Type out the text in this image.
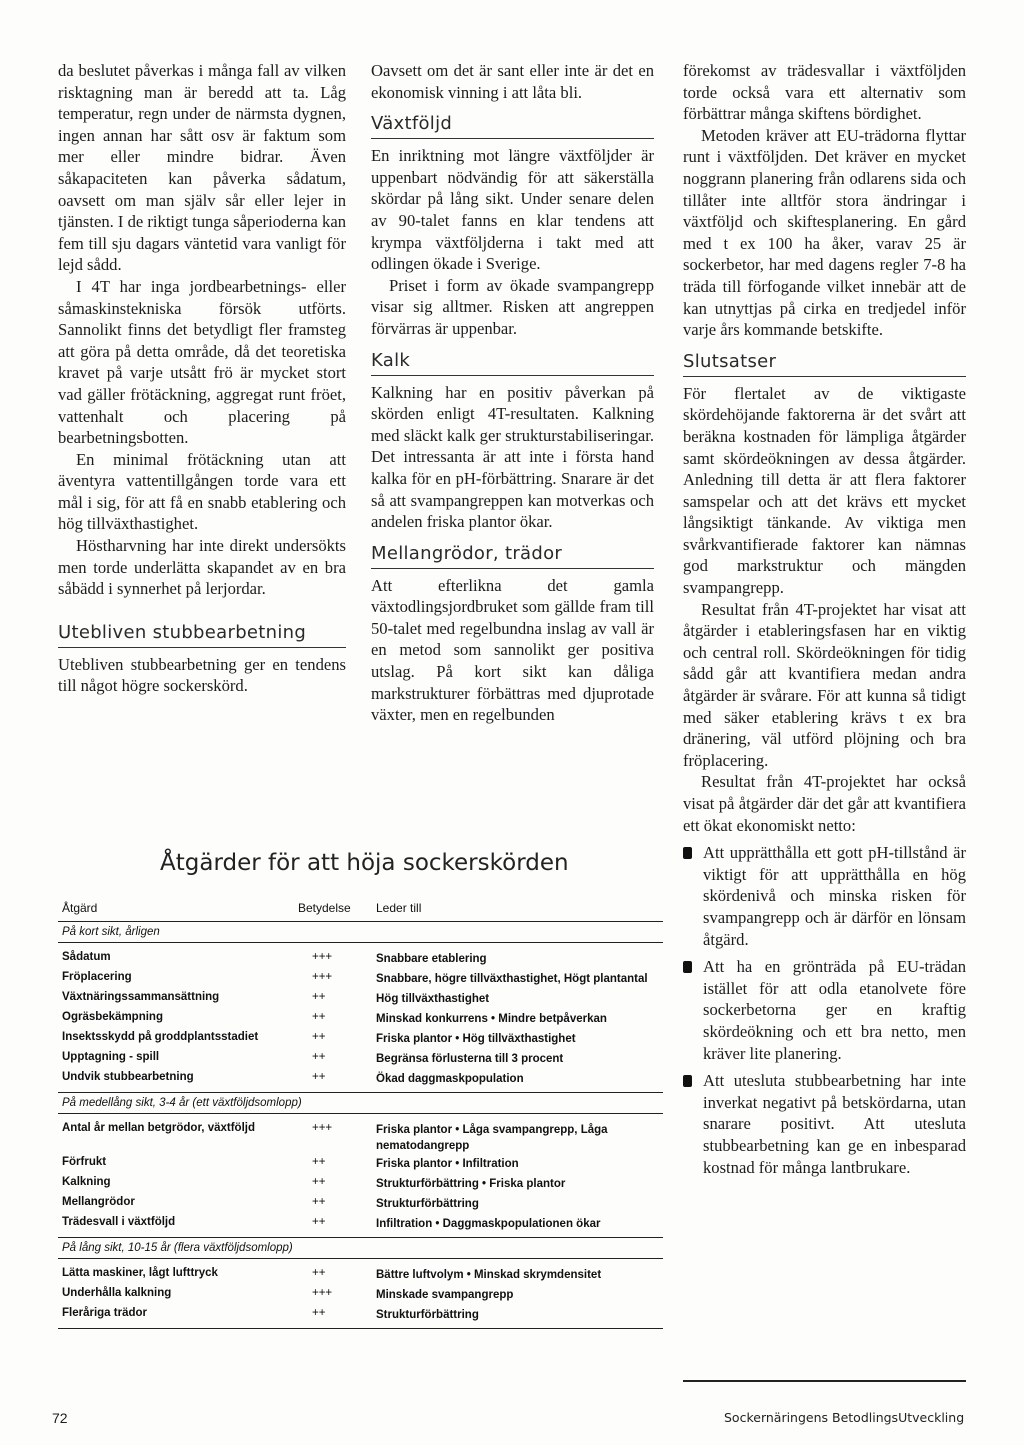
da beslutet påverkas i många fall av vilken risktagning man är beredd att ta. Låg temperatur, regn under de närmsta dygnen, ingen annan har sått osv är faktum som mer eller mindre bidrar. Även såkapaciteten kan påverka sådatum, oavsett om man själv sår eller lejer in tjänsten. I de riktigt tunga såperioderna kan fem till sju dagars väntetid vara vanligt för lejd sådd.

I 4T har inga jordbearbetnings- eller såmaskinstekniska försök utförts. Sannolikt finns det betydligt fler framsteg att göra på detta område, då det teoretiska kravet på varje utsått frö är mycket stort vad gäller frötäckning, aggregat runt fröet, vattenhalt och placering på bearbetningsbotten.

En minimal frötäckning utan att äventyra vattentillgången torde vara ett mål i sig, för att få en snabb etablering och hög tillväxthastighet.

Höstharvning har inte direkt undersökts men torde underlätta skapandet av en bra såbädd i synnerhet på lerjordar.

Utebliven stubbearbetning

Utebliven stubbearbetning ger en tendens till något högre sockerskörd.

Oavsett om det är sant eller inte är det en ekonomisk vinning i att låta bli.

Växtföljd

En inriktning mot längre växtföljder är uppenbart nödvändig för att säkerställa skördar på lång sikt. Under senare delen av 90-talet fanns en klar tendens att krympa växtföljderna i takt med att odlingen ökade i Sverige.

Priset i form av ökade svampangrepp visar sig alltmer. Risken att angreppen förvärras är uppenbar.

Kalk

Kalkning har en positiv påverkan på skörden enligt 4T-resultaten. Kalkning med släckt kalk ger strukturstabiliseringar. Det intressanta är att inte i första hand kalka för en pH-förbättring. Snarare är det så att svampangreppen kan motverkas och andelen friska plantor ökar.

Mellangrödor, trädor

Att efterlikna det gamla växtodlingsjordbruket som gällde fram till 50-talet med regelbundna inslag av vall är en metod som sannolikt ger positiva utslag. På kort sikt kan dåliga markstrukturer förbättras med djuprotade växter, men en regelbunden

förekomst av trädesvallar i växtföljden torde också vara ett alternativ som förbättrar många skiftens bördighet.

Metoden kräver att EU-trädorna flyttar runt i växtföljden. Det kräver en mycket noggrann planering från odlarens sida och tillåter inte alltför stora ändringar i växtföljd och skiftesplanering. En gård med t ex 100 ha åker, varav 25 är sockerbetor, har med dagens regler 7-8 ha träda till förfogande vilket innebär att de kan utnyttjas på cirka en tredjedel inför varje års kommande betskifte.

Slutsatser

För flertalet av de viktigaste skördehöjande faktorerna är det svårt att beräkna kostnaden för lämpliga åtgärder samt skördeökningen av dessa åtgärder. Anledning till detta är att flera faktorer samspelar och att det krävs ett mycket långsiktigt tänkande. Av viktiga men svårkvantifierade faktorer kan nämnas god markstruktur och mängden svampangrepp.

Resultat från 4T-projektet har visat att åtgärder i etableringsfasen har en viktig och central roll. Skördeökningen för tidig sådd går att kvantifiera medan andra åtgärder är svårare. För att kunna så tidigt med säker etablering krävs t ex bra dränering, väl utförd plöjning och bra fröplacering.

Resultat från 4T-projektet har också visat på åtgärder där det går att kvantifiera ett ökat ekonomiskt netto:

Att upprätthålla ett gott pH-tillstånd är viktigt för att upprätthålla en hög skördenivå och minska risken för svampangrepp och är därför en lönsam åtgärd.
Att ha en grönträda på EU-trädan istället för att odla etanolvete före sockerbetorna ger en kraftig skördeökning och ett bra netto, men kräver lite planering.
Att utesluta stubbearbetning har inte inverkat negativt på betskördarna, utan snarare positivt. Att utesluta stubbearbetning kan ge en inbesparad kostnad för många lantbrukare.
Åtgärder för att höja sockerskörden
Åtgärd	Betydelse Leder till
På kort sikt, årligen
Sådatum	+++	Snabbare etablering
Fröplacering	+++	Snabbare, högre tillväxthastighet, Högt plantantal
Växtnäringssammansättning	++	Hög tillväxthastighet
Ogräsbekämpning	++	Minskad konkurrens • Mindre betpåverkan
Insektsskydd på groddplantsstadiet	++	Friska plantor • Hög tillväxthastighet
Upptagning - spill	++	Begränsa förlusterna till 3 procent
Undvik stubbearbetning	++	Ökad daggmaskpopulation
På medellång sikt, 3-4 år (ett växtföljdsomlopp)
Antal år mellan betgrödor, växtföljd	+++	Friska plantor • Låga svampangrepp, Låga nematodangrepp
Förfrukt	++	Friska plantor • Infiltration
Kalkning	++	Strukturförbättring • Friska plantor
Mellangrödor	++	Strukturförbättring
Trädesvall i växtföljd	++	Infiltration • Daggmaskpopulationen ökar
På lång sikt, 10-15 år (flera växtföljdsomlopp)
Lätta maskiner, lågt lufttryck	++	Bättre luftvolym • Minskad skrymdensitet
Underhålla kalkning	+++	Minskade svampangrepp
Fleråriga trädor	++	Strukturförbättring
72	Sockernäringens BetodlingsUtveckling
